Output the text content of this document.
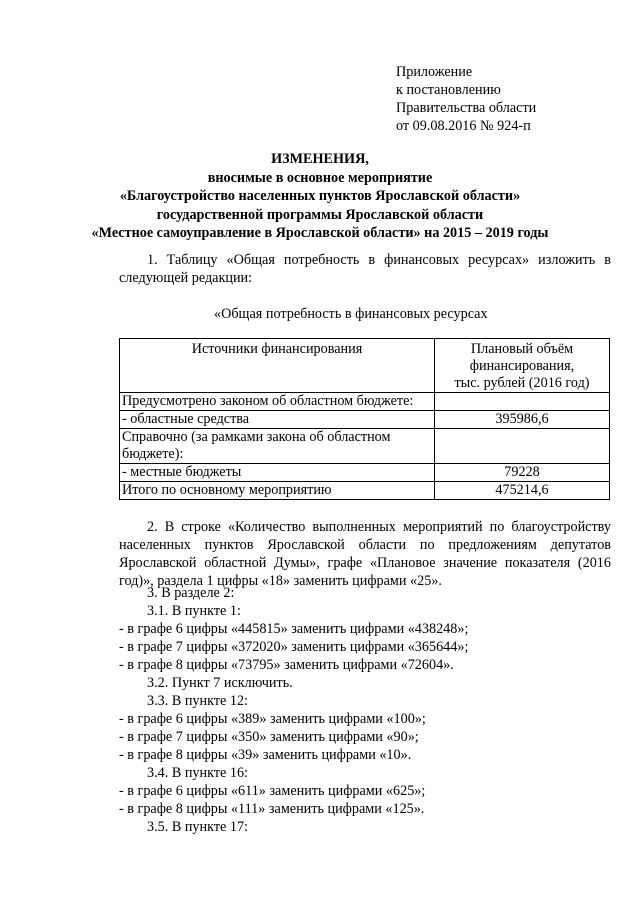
Приложение
к постановлению
Правительства области
от 09.08.2016 № 924-п
ИЗМЕНЕНИЯ,
вносимые в основное мероприятие
«Благоустройство населенных пунктов Ярославской области»
государственной программы Ярославской области
«Местное самоуправление в Ярославской области» на 2015 – 2019 годы
1. Таблицу «Общая потребность в финансовых ресурсах» изложить в следующей редакции:
«Общая потребность в финансовых ресурсах
Источники финансирования	Плановый объём
финансирования,
тыс. рублей (2016 год)

Предусмотрено законом об областном бюджете:	
- областные средства	395986,6
Справочно (за рамками закона об областном бюджете):	
- местные бюджеты	79228
Итого по основному мероприятию	475214,6
2. В строке «Количество выполненных мероприятий по благоустройству населенных пунктов Ярославской области по предложениям депутатов Ярославской областной Думы», графе «Плановое значение показателя (2016 год)», раздела 1 цифры «18» заменить цифрами «25».
3. В разделе 2:
3.1. В пункте 1:
- в графе 6 цифры «445815» заменить цифрами «438248»;
- в графе 7 цифры «372020» заменить цифрами «365644»;
- в графе 8 цифры «73795» заменить цифрами «72604».
3.2. Пункт 7 исключить.
3.3. В пункте 12:
- в графе 6 цифры «389» заменить цифрами «100»;
- в графе 7 цифры «350» заменить цифрами «90»;
- в графе 8 цифры «39» заменить цифрами «10».
3.4. В пункте 16:
- в графе 6 цифры «611» заменить цифрами «625»;
- в графе 8 цифры «111» заменить цифрами «125».
3.5. В пункте 17:
